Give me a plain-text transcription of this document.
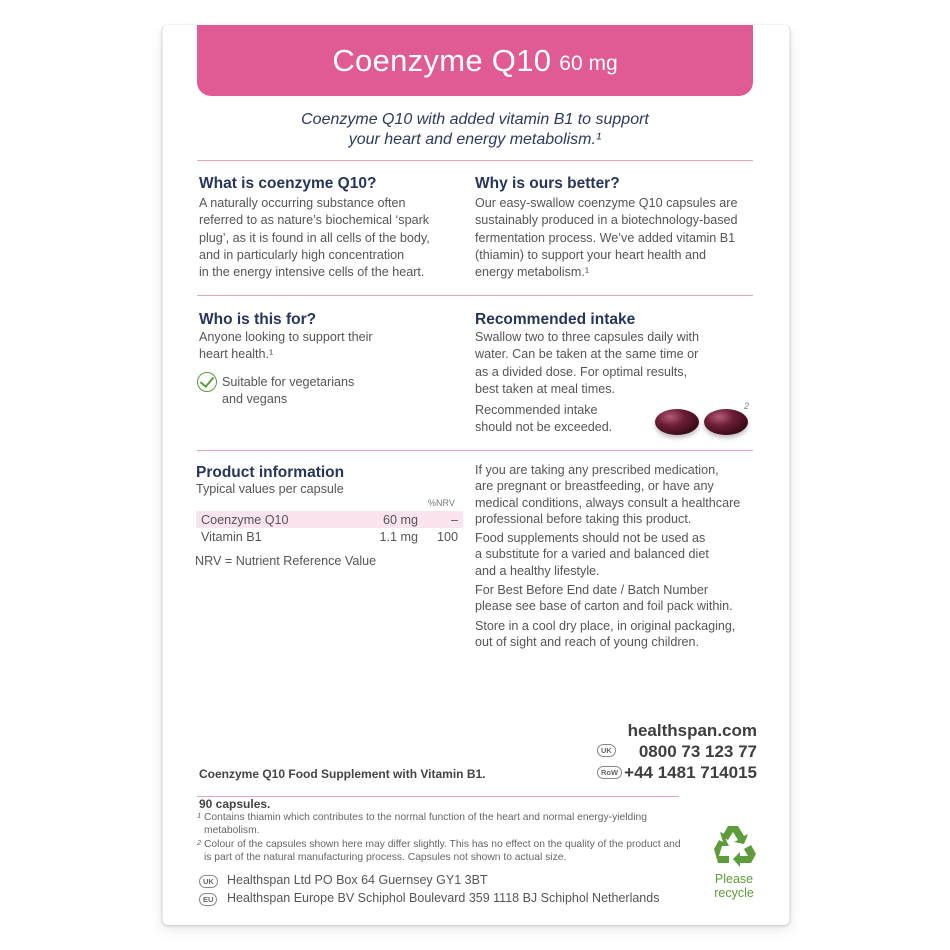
Coenzyme Q10 60 mg
Coenzyme Q10 with added vitamin B1 to support
your heart and energy metabolism.¹
What is coenzyme Q10?
A naturally occurring substance often
referred to as nature’s biochemical ‘spark
plug’, as it is found in all cells of the body,
and in particularly high concentration
in the energy intensive cells of the heart.
Why is ours better?
Our easy-swallow coenzyme Q10 capsules are
sustainably produced in a biotechnology-based
fermentation process. We’ve added vitamin B1
(thiamin) to support your heart health and
energy metabolism.¹
Who is this for?
Anyone looking to support their
heart health.¹
Suitable for vegetarians
and vegans
Recommended intake
Swallow two to three capsules daily with
water. Can be taken at the same time or
as a divided dose. For optimal results,
best taken at meal times.
Recommended intake
should not be exceeded.
2
Product information
Typical values per capsule
%NRV
Coenzyme Q10	60 mg	–
Vitamin B1	1.1 mg	100
NRV = Nutrient Reference Value
If you are taking any prescribed medication,
are pregnant or breastfeeding, or have any
medical conditions, always consult a healthcare
professional before taking this product.
Food supplements should not be used as
a substitute for a varied and balanced diet
and a healthy lifestyle.
For Best Before End date / Batch Number
please see base of carton and foil pack within.
Store in a cool dry place, in original packaging,
out of sight and reach of young children.

Coenzyme Q10 Food Supplement with Vitamin B1.

90 capsules.

healthspan.com
UK 0800 73 123 77
RoW +44 1481 714015
1 Contains thiamin which contributes to the normal function of the heart and normal energy-yielding metabolism.
2 Colour of the capsules shown here may differ slightly. This has no effect on the quality of the product and is part of the natural manufacturing process. Capsules not shown to actual size.
UK	Healthspan Ltd PO Box 64 Guernsey GY1 3BT
EU	Healthspan Europe BV Schiphol Boulevard 359 1118 BJ Schiphol Netherlands
Please
recycle
